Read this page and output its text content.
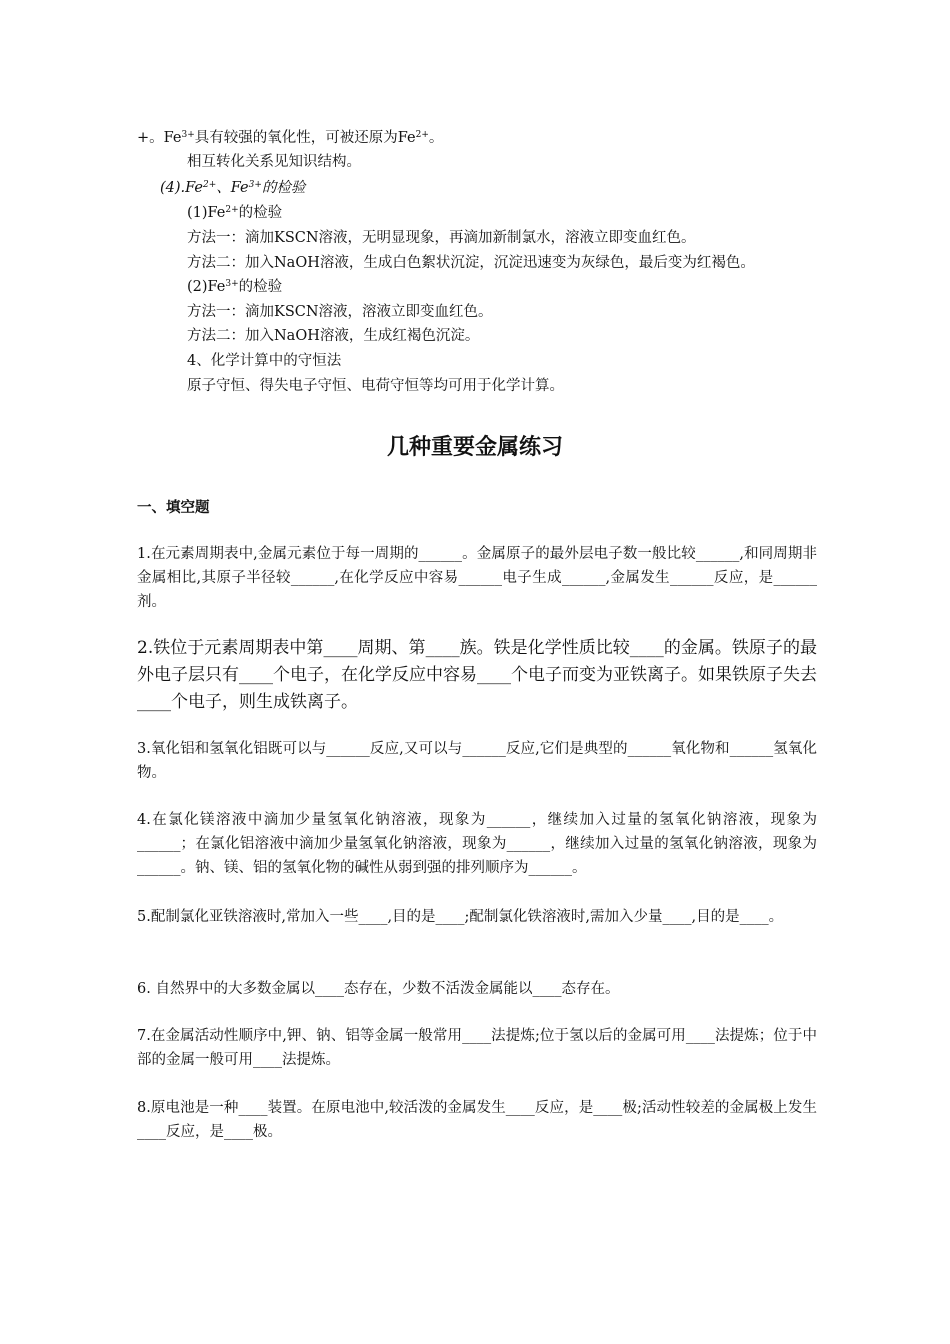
+。$Fe^{3+}$具有较强的氧化性，可被还原为$Fe^{2+}$。
相互转化关系见知识结构。
$(4).Fe^{2+}$、$Fe^{3+}$的检验
$(1)Fe^{2+}$的检验
方法一：滴加KSCN溶液，无明显现象，再滴加新制氯水，溶液立即变血红色。
方法二：加入NaOH溶液，生成白色絮状沉淀，沉淀迅速变为灰绿色，最后变为红褐色。
$(2)Fe^{3+}$的检验
方法一：滴加KSCN溶液，溶液立即变血红色。
方法二：加入NaOH溶液，生成红褐色沉淀。
4、化学计算中的守恒法
原子守恒、得失电子守恒、电荷守恒等均可用于化学计算。
几种重要金属练习
一、填空题
1.在元素周期表中,金属元素位于每一周期的______。金属原子的最外层电子数一般比较______,和同周期非金属相比,其原子半径较______,在化学反应中容易______电子生成______,金属发生______反应，是______剂。
2.铁位于元素周期表中第____周期、第____族。铁是化学性质比较____的金属。铁原子的最外电子层只有____个电子，在化学反应中容易____个电子而变为亚铁离子。如果铁原子失去____个电子，则生成铁离子。
3.氧化铝和氢氧化铝既可以与______反应,又可以与______反应,它们是典型的______氧化物和______氢氧化物。
4.在氯化镁溶液中滴加少量氢氧化钠溶液，现象为______，继续加入过量的氢氧化钠溶液，现象为______；在氯化铝溶液中滴加少量氢氧化钠溶液，现象为______，继续加入过量的氢氧化钠溶液，现象为______。钠、镁、铝的氢氧化物的碱性从弱到强的排列顺序为______。
5.配制氯化亚铁溶液时,常加入一些____,目的是____;配制氯化铁溶液时,需加入少量____,目的是____。
6. 自然界中的大多数金属以____态存在，少数不活泼金属能以____态存在。
7.在金属活动性顺序中,钾、钠、铝等金属一般常用____法提炼;位于氢以后的金属可用____法提炼；位于中部的金属一般可用____法提炼。
8.原电池是一种____装置。在原电池中,较活泼的金属发生____反应，是____极;活动性较差的金属极上发生____反应，是____极。
